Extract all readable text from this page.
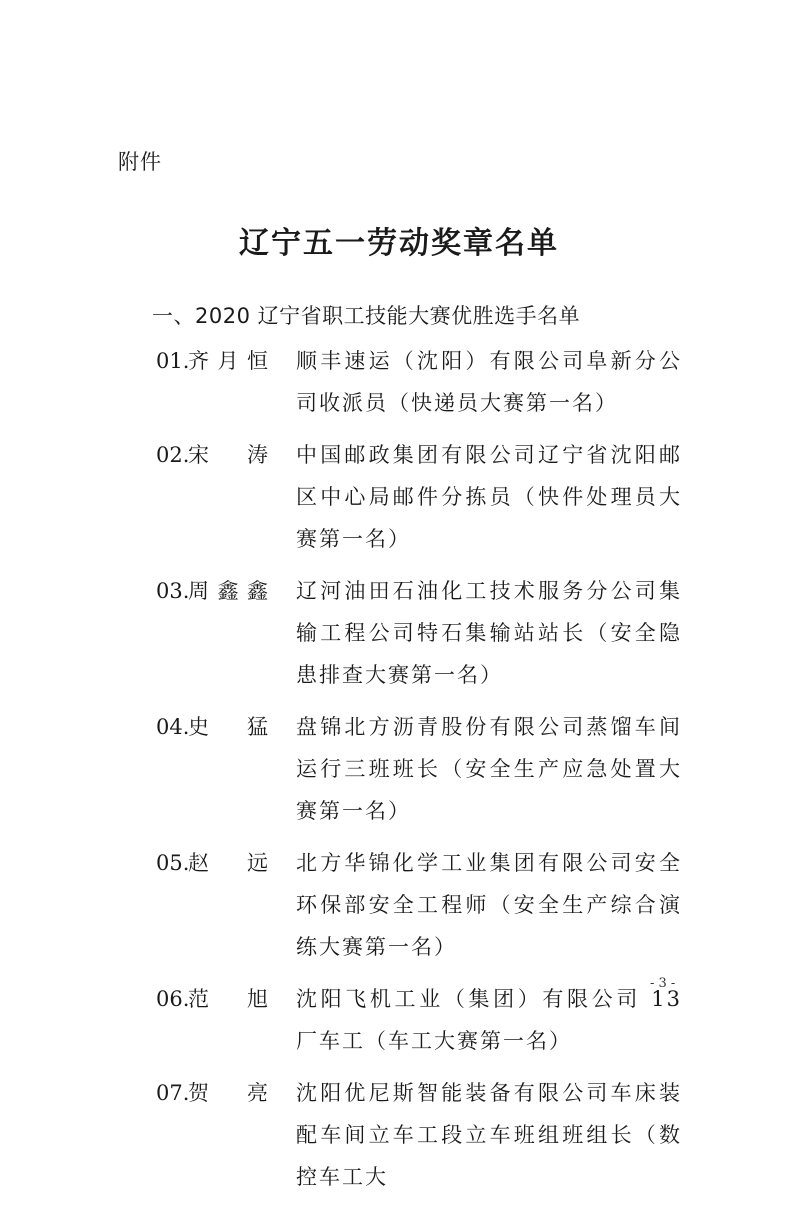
附件
辽宁五一劳动奖章名单
一、2020 辽宁省职工技能大赛优胜选手名单
01.
齐月恒 顺丰速运（沈阳）有限公司阜新分公司收派员（快递员大赛第一名）
02.
宋　涛 中国邮政集团有限公司辽宁省沈阳邮区中心局邮件分拣员（快件处理员大赛第一名）
03.
周鑫鑫 辽河油田石油化工技术服务分公司集输工程公司特石集输站站长（安全隐患排查大赛第一名）
04.
史　猛 盘锦北方沥青股份有限公司蒸馏车间运行三班班长（安全生产应急处置大赛第一名）
05.
赵　远 北方华锦化学工业集团有限公司安全环保部安全工程师（安全生产综合演练大赛第一名）
06.
范　旭 沈阳飞机工业（集团）有限公司 13 厂车工（车工大赛第一名）
07.
贺　亮 沈阳优尼斯智能装备有限公司车床装配车间立车工段立车班组班组长（数控车工大
- 3 -
